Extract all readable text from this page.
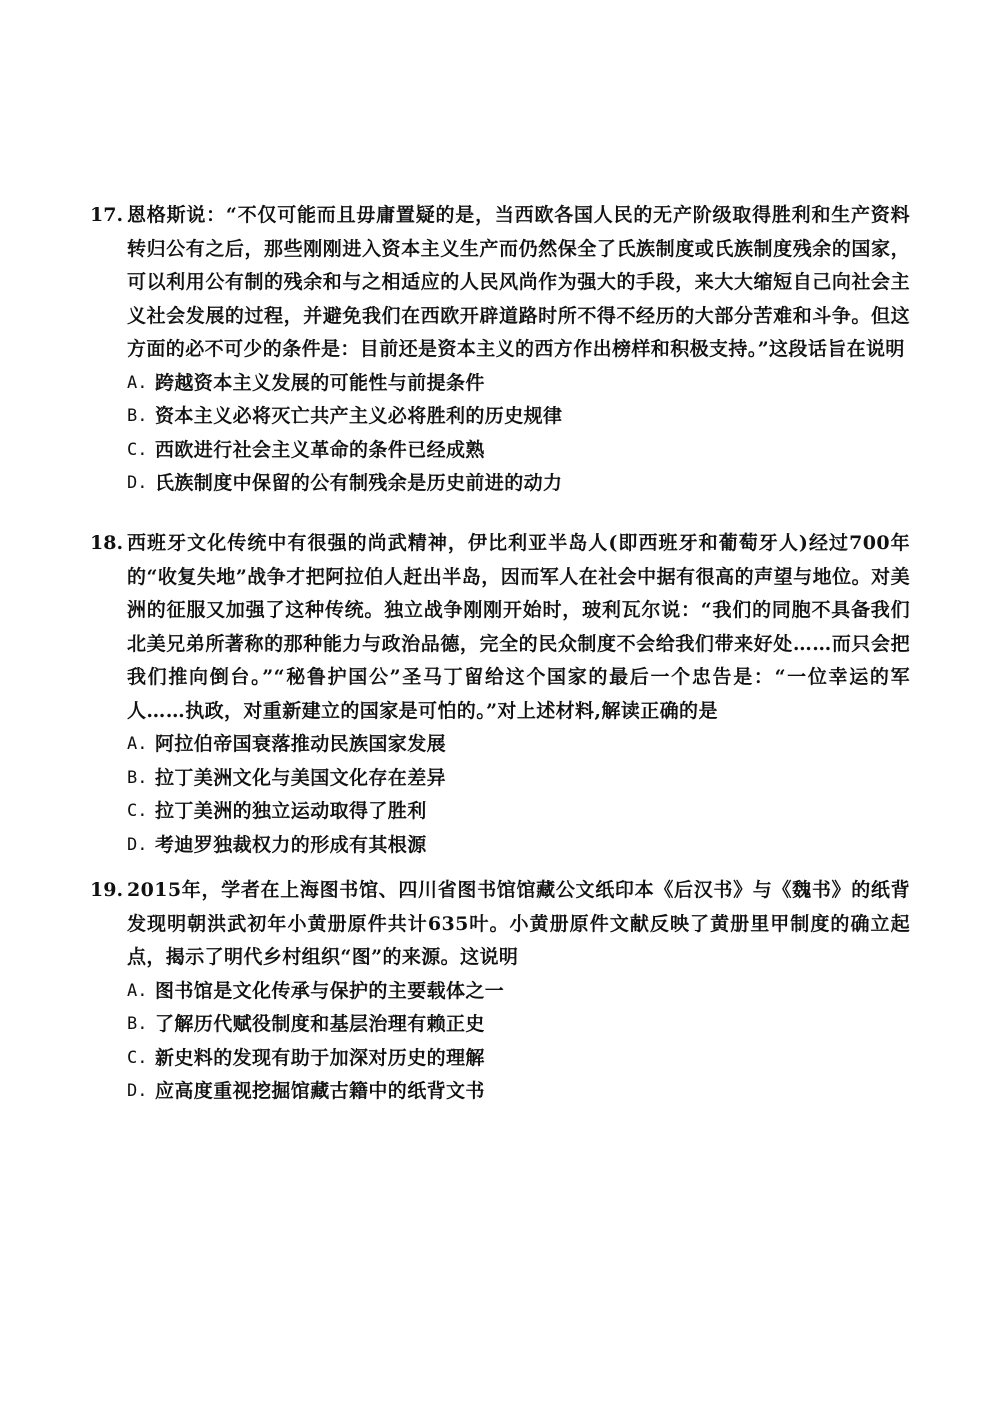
17. 恩格斯说：“不仅可能而且毋庸置疑的是，当西欧各国人民的无产阶级取得胜利和生产资料转归公有之后，那些刚刚进入资本主义生产而仍然保全了氏族制度或氏族制度残余的国家，可以利用公有制的残余和与之相适应的人民风尚作为强大的手段，来大大缩短自己向社会主义社会发展的过程，并避免我们在西欧开辟道路时所不得不经历的大部分苦难和斗争。但这方面的必不可少的条件是：目前还是资本主义的西方作出榜样和积极支持。”这段话旨在说明
A. 跨越资本主义发展的可能性与前提条件
B. 资本主义必将灭亡共产主义必将胜利的历史规律
C. 西欧进行社会主义革命的条件已经成熟
D. 氏族制度中保留的公有制残余是历史前进的动力
18. 西班牙文化传统中有很强的尚武精神，伊比利亚半岛人(即西班牙和葡萄牙人)经过700年的“收复失地”战争才把阿拉伯人赶出半岛，因而军人在社会中据有很高的声望与地位。对美洲的征服又加强了这种传统。独立战争刚刚开始时，玻利瓦尔说：“我们的同胞不具备我们北美兄弟所著称的那种能力与政治品德，完全的民众制度不会给我们带来好处……而只会把我们推向倒台。”“秘鲁护国公”圣马丁留给这个国家的最后一个忠告是：“一位幸运的军人……执政，对重新建立的国家是可怕的。”对上述材料,解读正确的是
A. 阿拉伯帝国衰落推动民族国家发展
B. 拉丁美洲文化与美国文化存在差异
C. 拉丁美洲的独立运动取得了胜利
D. 考迪罗独裁权力的形成有其根源
19. 2015年，学者在上海图书馆、四川省图书馆馆藏公文纸印本《后汉书》与《魏书》的纸背发现明朝洪武初年小黄册原件共计635叶。小黄册原件文献反映了黄册里甲制度的确立起点，揭示了明代乡村组织“图”的来源。这说明
A. 图书馆是文化传承与保护的主要载体之一
B. 了解历代赋役制度和基层治理有赖正史
C. 新史料的发现有助于加深对历史的理解
D. 应高度重视挖掘馆藏古籍中的纸背文书
